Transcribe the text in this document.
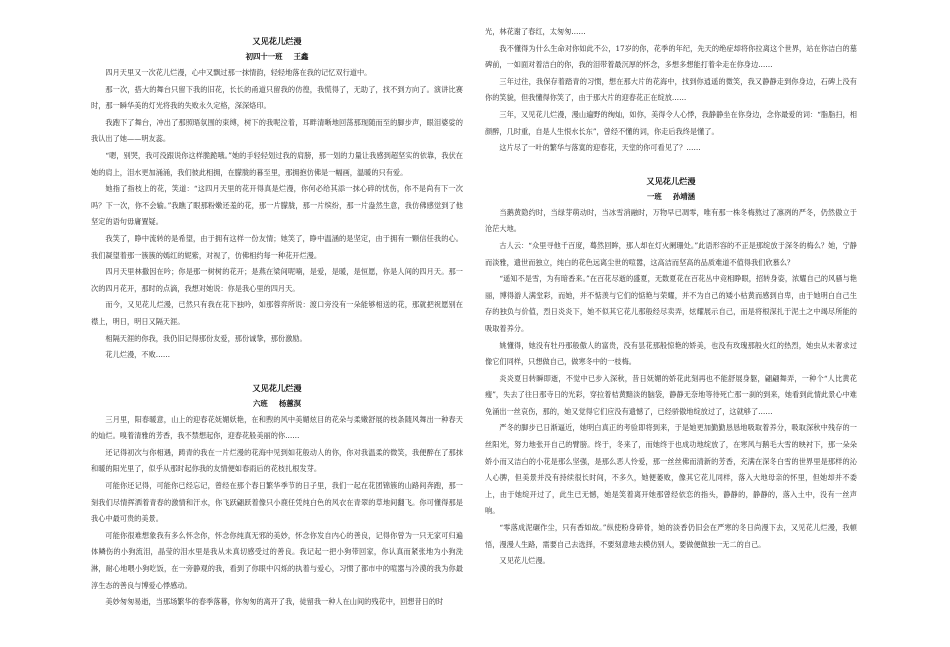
又见花儿烂漫
初四十一班 王鑫

四月天里又一次花儿烂漫，心中又飘过那一抹情韵，轻轻地落在我的记忆双行道中。

那一次，搭大的舞台只留下我的旧花，长长的甬道只留我的仿徨，我慌得了，无助了，找不到方向了。演讲比赛时，那一瞬华美的灯光将我的失败永久定格，深深烙印。

我跑下了舞台，冲出了那照晤氛围的束缚，树下的我呢泣着，耳畔清晰地回荡那现随而至的脚步声，眼泪婆娑的我认出了她——明友蕊。

“嗯，别哭，我可没跟说你这样脆跪哦。”她的手轻轻划过我的肩膀，那一划的力量让我感到超坚实的依靠，我伏在她的肩上，泪水更加涌涌，我们彼此相拥，在朦胧的暮至里，那拥抱仿佛是一幅画，温暖的只有爱。

她指了指枝上的花，笑道：“这四月天里的花开得真是烂漫，你何必给其添一抹心碎的忧伤，你不是尚有下一次吗？下一次，你不会输。”我瞧了眼那粉嫩还羞的花，那一片朦胧，那一片缤纷，那一片盎然生意，我仿佛感觉到了他坚定的语句毋庸置疑。

我笑了，睁中流转的是希望，由于拥有这样一份友情；她笑了，睁中温涵的是坚定，由于拥有一颗信任我的心。我们凝望着那一簇簇的嫣红的妮紫，对视了，仿佛相约每一种花开烂漫。

四月天里林撒因在吟；你是那一树树的花开；是燕在梁间呢喃，是爱，是暖，是恒愿，你是人间的四月天。那一次的四月花开，那时的点滴，我想对她说：你是我心里的四月天。

而今，又见花儿烂漫，已然只有我在花下独吟，如那蓉弈所说：渡口旁没有一朵能够相送的花，那就把祝愿别在襟上，明日，明日又隔天涯。

相隔天涯的你我，我仍旧记得那份友爱，那份诚挚，那份激励。

花儿烂漫，不败……

又见花儿烂漫
六班 杨蕙溟

三月里，阳春暖意，山上的迎春花妩媚妖艳，在和煦的风中美媚炫目的花朵与柔嫩舒展的枝条随风舞出一种春天的灿烂。嗅着清雅的芳香，我不禁想起你，迎春花般美丽的你……

还记得初次与你相遇，踌青的我在一片烂漫的花海中见到如花般动人的你，你对我温柔的微笑，我便醉在了那抹和暖的阳光里了，似乎从那时起你我的友情便如春雨后的花枝扎根发芽。

可能你还记得，可能你已经忘记，曾经在那个春日繁华季节的日子里，我们一起在花团锦簇的山路间奔跑，那一刻我们尽情挥洒着青春的激情和汗水，你飞跃翩跃着像只小鹿任凭纯白色的风衣在青翠的草地间翻飞。你可懂得那是我心中最可贵的美景。

可能你很难想象我有多么怀念你，怀念你纯真无邪的美妙，怀念你发自内心的善良，记得你曾为一只无家可归遍体鳞伤的小狗流泪，晶莹的泪水里是我从未真切感受过的善良。我记起一把小狗带回家，你认真而紧张地为小狗洗淋，耐心地喂小狗吃饭，在一旁静观的我，看到了你眼中闪烁的执着与爱心，习惯了都市中的喧嚣与冷漠的我为你最淳生态的善良与博爱心悸感动。

美妙匆匆易逝，当那场繁华的春季落幕，你匆匆的离开了我，徒留我一种人在山间的残花中，回想昔日的时

光，林花谢了春红，太匆匆……

我不懂得为什么生命对你如此不公，17岁的你，花季的年纪，先天的绝症却将你拉离这个世界，站在你洁白的墓碑前，一如面对着洁白的你，我的泪带着最沉厚的怀念，多想多想能打着伞走在你身边……

三年过往，我保存着踏青的习惯，想在那大片的花海中，找到你逍遥的微笑，我又静静走到你身边，石碑上没有你的笑貌，但我懂得你笑了，由于那大片的迎春花正在绽放……

三年，又见花儿烂漫，漫山遍野的绚灿，如你，美得令人心悸，我静静坐在你身边，念你最爱的词：“脂脂扫，相颜醉，几时重，自是人生恨水长东”，曾经不懂的词，你走后我终是懂了。

这片尽了一叶的繁华与落寞的迎春花，天堂的你可看见了？……

又见花儿烂漫
一班 孙靖涵

当鹅黄隐约时，当绿芽萌动时，当冰雪消融时，万物早已凋零，唯有那一株冬梅熬过了凛冽的严冬，仍然傲立于沧茫大地。

古人云：“众里寻他千百度，蓦然回眸，那人却在灯火阑珊处。”此语形容的不正是那绽放于深冬的梅么？她，宁静而淡雅，遗世而独立，纯白的花色远离尘世的喧嚣，这高洁而坚高的品质难道不值得我们欣慕么？

“遥知不是雪，为有暗香来。”在百花尽逝的盛夏，无数夏花在百花丛中竞相睁眼，招转身姿，浓耀自己的风骚与艳丽，博得游人满堂彩，而她，并不惦羡与它们的惦艳与荣耀，并不为自己的矮小枯黄而感到自卑，由于她明白自己生存的独负与价值，烈日炎炎下，她不似其它花儿那般经尽卖弄，炫耀展示自己，而是将根深扎于泥土之中竭尽所能的吸取着养分。

姚懂得，她没有牡丹那般傲人的富贵，没有昙花那般惊艳的娇美，也没有玫瑰那般火红的热烈，她虫从未奢求过像它们同样，只想做自己，做寒冬中的一枝梅。

炎炎夏日转瞬即逝，不觉中已步入深秋，昔日妩媚的娇花此刻再也不能舒展身躯，翩翩舞弄，一种个“人比黄花瘦”，失去了往日那寺日的光彩，穿拉着桔黄黯淡的脑袋，静静无奈地等待死亡那一刹的到来，她看到此情此景心中难免涌出一丝哀伤，那的，她又觉得它们应没有遗憾了，已经骄傲地绽放过了，这就够了……

严冬的脚步已日渐逼近，她明白真正的考验即将到来，于是她更加勤勤恳恳地吸取着养分，吸取深秋中残存的一丝阳光，努力地张开自己的臂膀。终于，冬来了，而她终于也成功地绽放了，在寒风与鹅毛大雪的映衬下，那一朵朵娇小而又洁白的小花是那么坚强，是那么恶人怜爱，那一丝丝佛而清新的芳香，充满在深冬白雪的世界里是那样的沁人心脾，但美景并没有持续很长时间，不多久，她便萎败，像其它花儿同样，落入大地母亲的怀里，但她却并不委上，由于她绽开过了，此生已无憾，她是笑着离开她那曾经依恋的指头，静静的，静静的，落入土中，没有一丝声响。

“零落成泥碾作尘，只有香如故。”纵使粉身碎骨，她的淡香仍旧会在严寒的冬日尚漫下去，又见花儿烂漫，我頓悟，漫漫人生路，需要自己去选择，不要刻意地去模仿别人，要做便做独一无二的自己。

又见花儿烂漫。
